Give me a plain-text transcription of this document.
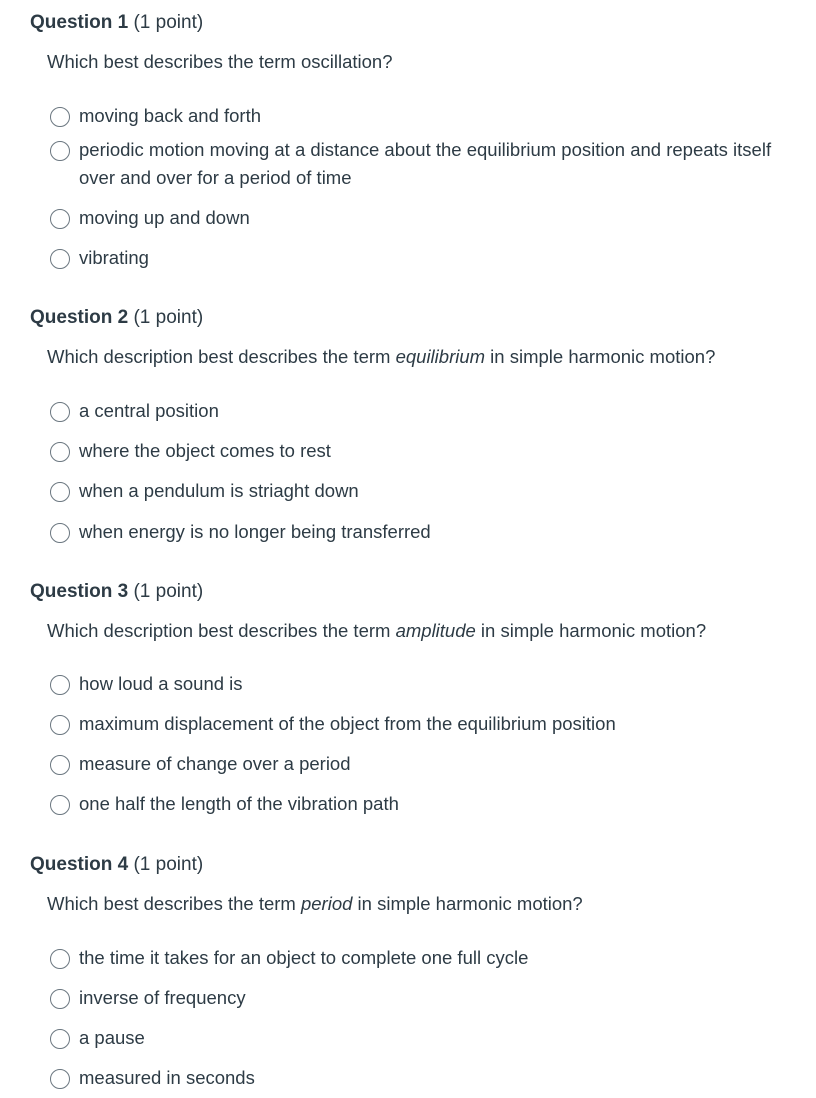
Question 1 (1 point)
Which best describes the term oscillation?
moving back and forth
periodic motion moving at a distance about the equilibrium position and repeats itself over and over for a period of time
moving up and down
vibrating
Question 2 (1 point)
Which description best describes the term equilibrium in simple harmonic motion?
a central position
where the object comes to rest
when a pendulum is striaght down
when energy is no longer being transferred
Question 3 (1 point)
Which description best describes the term amplitude in simple harmonic motion?
how loud a sound is
maximum displacement of the object from the equilibrium position
measure of change over a period
one half the length of the vibration path
Question 4 (1 point)
Which best describes the term period in simple harmonic motion?
the time it takes for an object to complete one full cycle
inverse of frequency
a pause
measured in seconds
